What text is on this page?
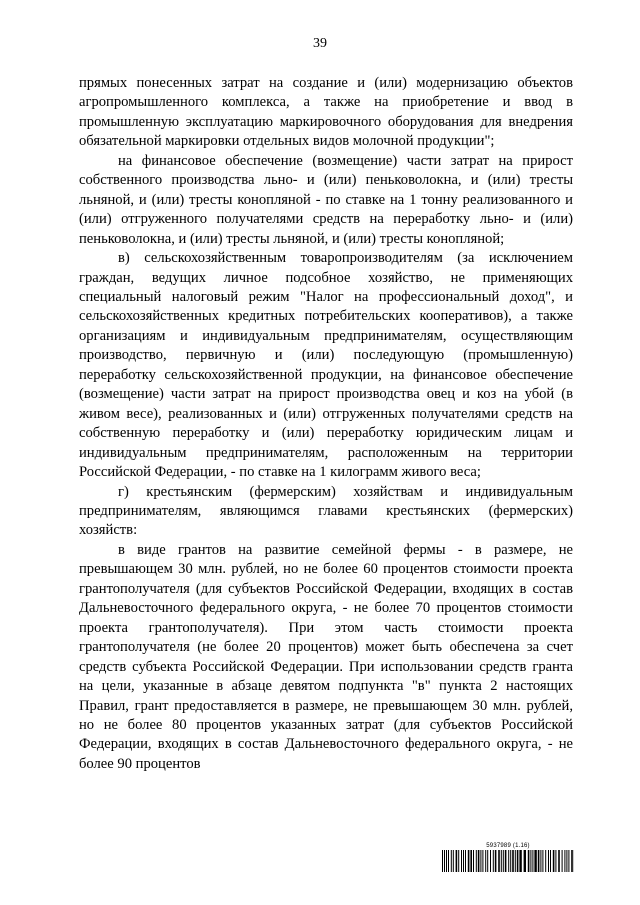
39

прямых понесенных затрат на создание и (или) модернизацию объектов агропромышленного комплекса, а также на приобретение и ввод в промышленную эксплуатацию маркировочного оборудования для внедрения обязательной маркировки отдельных видов молочной продукции";

на финансовое обеспечение (возмещение) части затрат на прирост собственного производства льно- и (или) пеньковолокна, и (или) тресты льняной, и (или) тресты конопляной - по ставке на 1 тонну реализованного и (или) отгруженного получателями средств на переработку льно- и (или) пеньковолокна, и (или) тресты льняной, и (или) тресты конопляной;

в) сельскохозяйственным товаропроизводителям (за исключением граждан, ведущих личное подсобное хозяйство, не применяющих специальный налоговый режим "Налог на профессиональный доход", и сельскохозяйственных кредитных потребительских кооперативов), а также организациям и индивидуальным предпринимателям, осуществляющим производство, первичную и (или) последующую (промышленную) переработку сельскохозяйственной продукции, на финансовое обеспечение (возмещение) части затрат на прирост производства овец и коз на убой (в живом весе), реализованных и (или) отгруженных получателями средств на собственную переработку и (или) переработку юридическим лицам и индивидуальным предпринимателям, расположенным на территории Российской Федерации, - по ставке на 1 килограмм живого веса;

г) крестьянским (фермерским) хозяйствам и индивидуальным предпринимателям, являющимся главами крестьянских (фермерских) хозяйств:

в виде грантов на развитие семейной фермы - в размере, не превышающем 30 млн. рублей, но не более 60 процентов стоимости проекта грантополучателя (для субъектов Российской Федерации, входящих в состав Дальневосточного федерального округа, - не более 70 процентов стоимости проекта грантополучателя). При этом часть стоимости проекта грантополучателя (не более 20 процентов) может быть обеспечена за счет средств субъекта Российской Федерации. При использовании средств гранта на цели, указанные в абзаце девятом подпункта "в" пункта 2 настоящих Правил, грант предоставляется в размере, не превышающем 30 млн. рублей, но не более 80 процентов указанных затрат (для субъектов Российской Федерации, входящих в состав Дальневосточного федерального округа, - не более 90 процентов

5937989 (1.16)
